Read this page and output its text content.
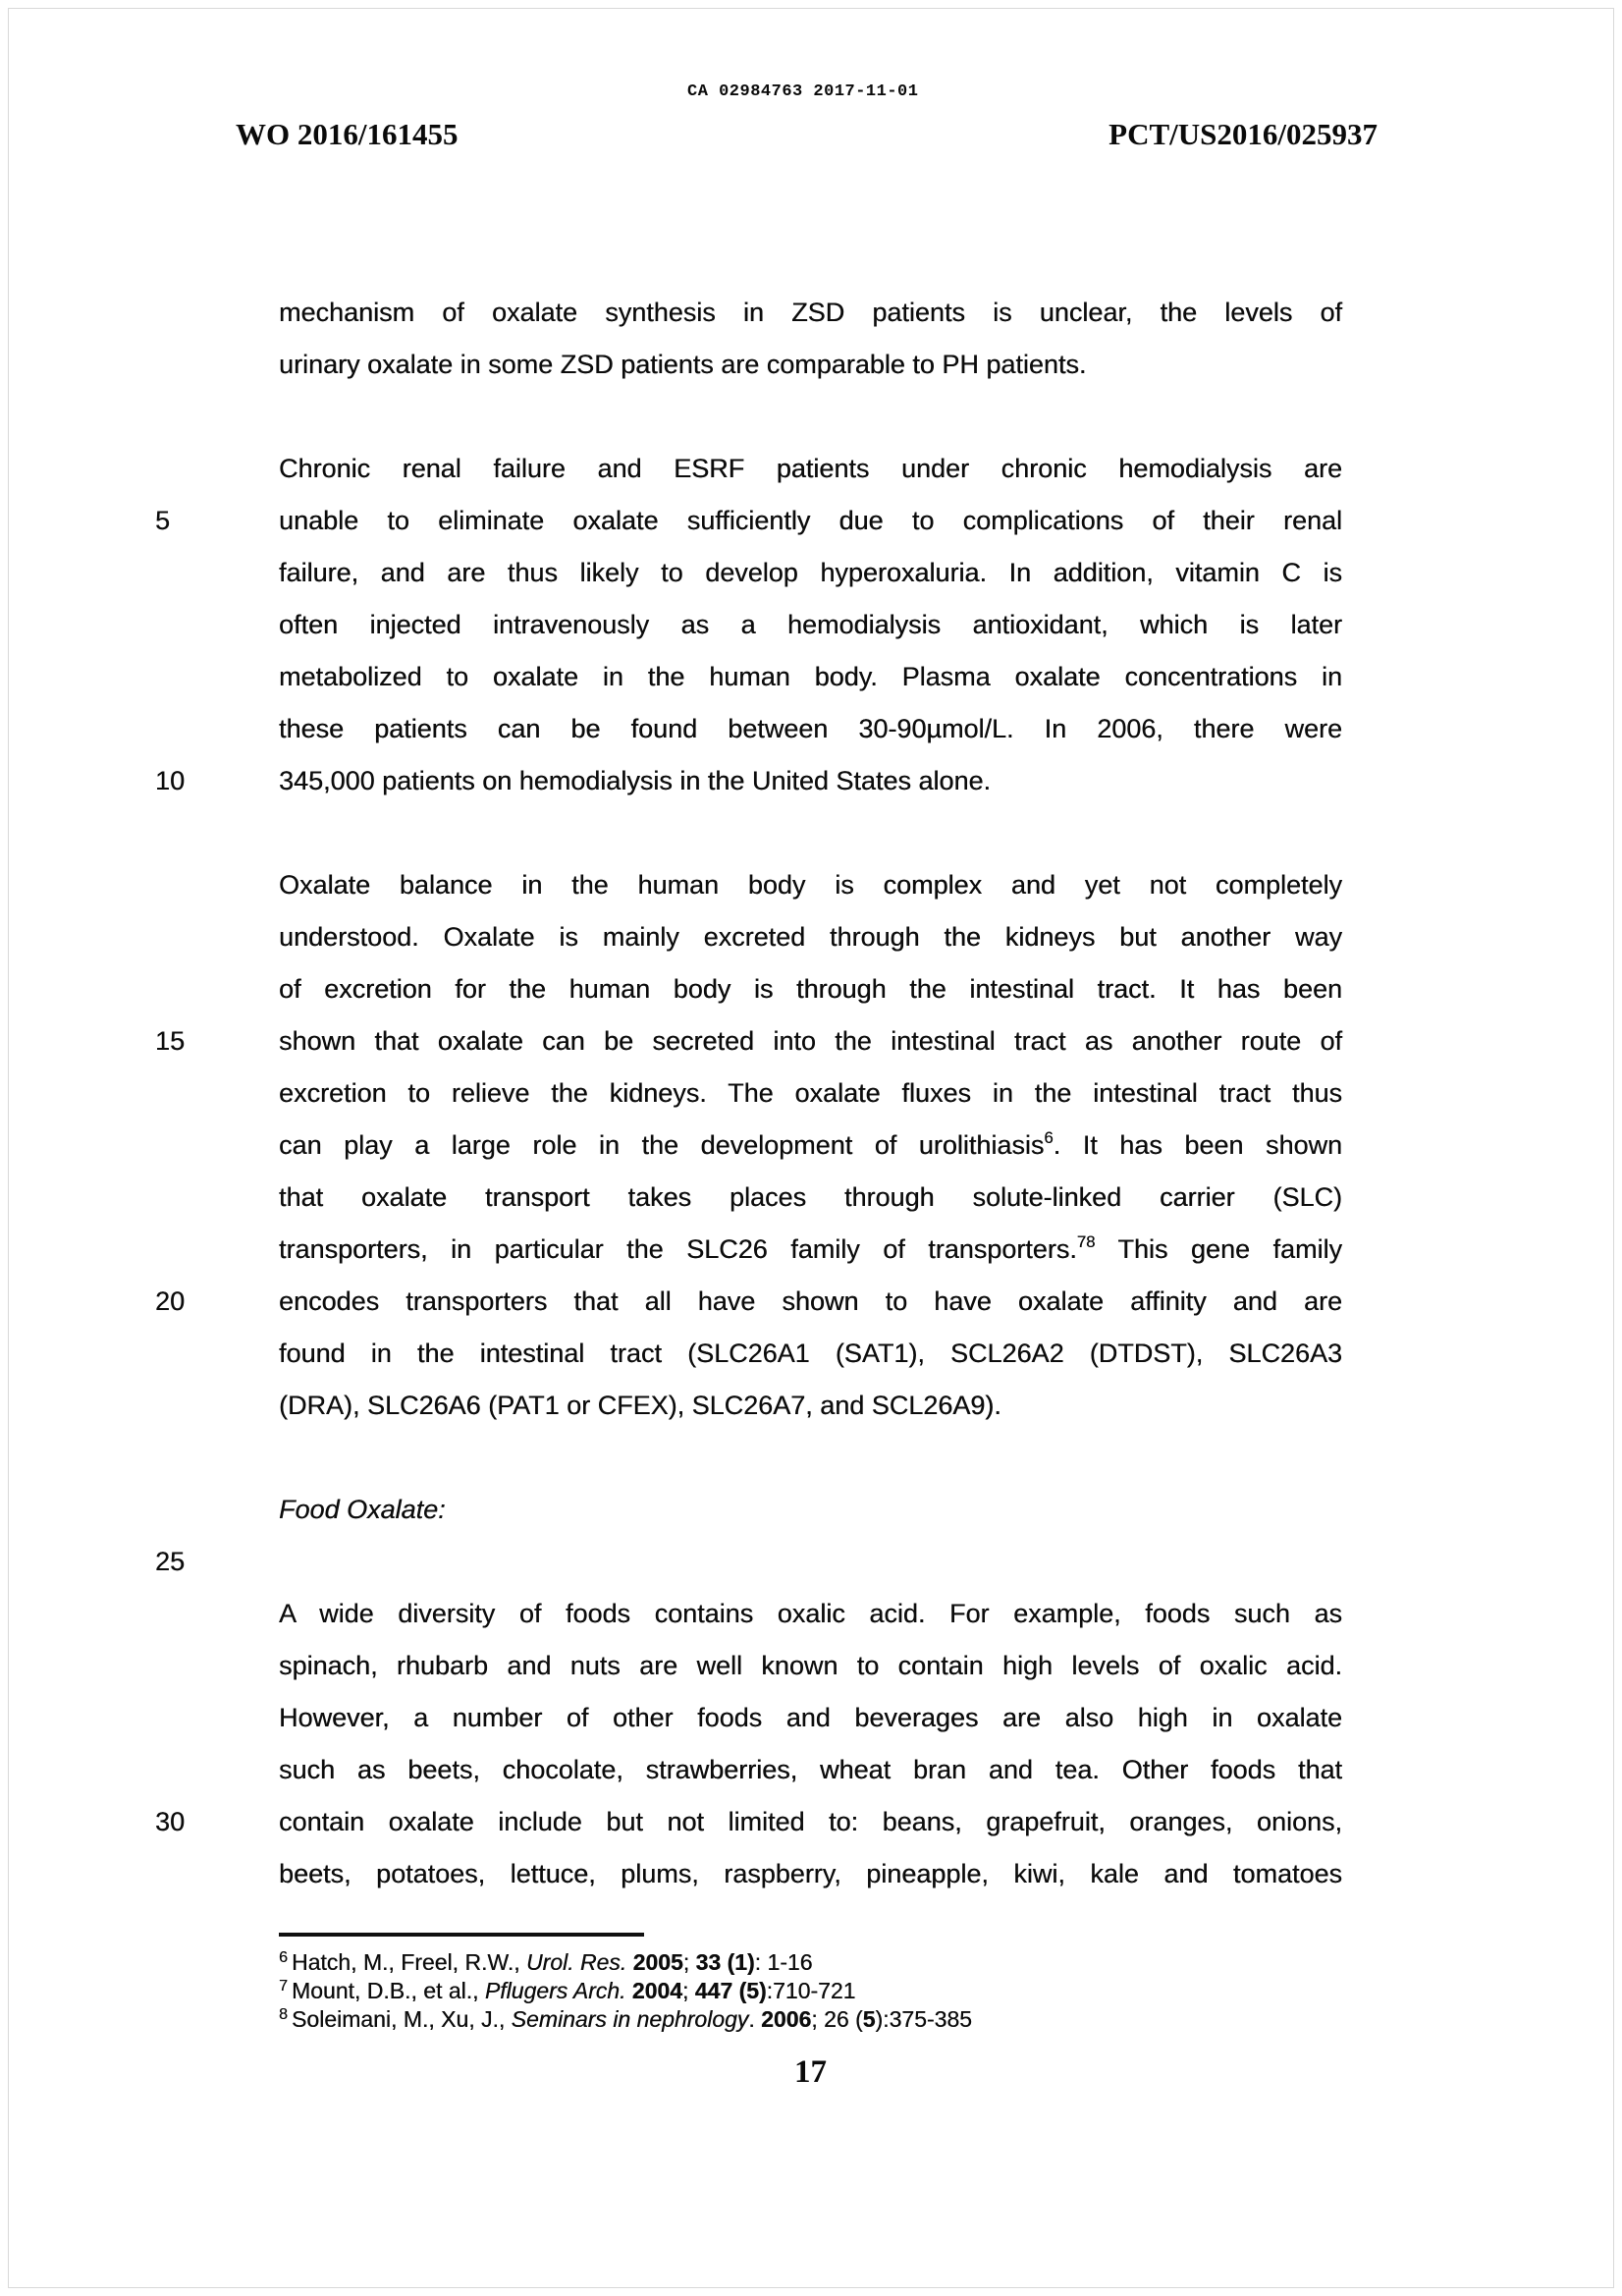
CA 02984763 2017-11-01
WO 2016/161455	PCT/US2016/025937
mechanism of oxalate synthesis in ZSD patients is unclear, the levels of
urinary oxalate in some ZSD patients are comparable to PH patients.
Chronic renal failure and ESRF patients under chronic hemodialysis are
unable to eliminate oxalate sufficiently due to complications of their renal
5
failure, and are thus likely to develop hyperoxaluria. In addition, vitamin C is
often injected intravenously as a hemodialysis antioxidant, which is later
metabolized to oxalate in the human body. Plasma oxalate concentrations in
these patients can be found between 30-90µmol/L. In 2006, there were
345,000 patients on hemodialysis in the United States alone.
10
Oxalate balance in the human body is complex and yet not completely
understood. Oxalate is mainly excreted through the kidneys but another way
of excretion for the human body is through the intestinal tract. It has been
shown that oxalate can be secreted into the intestinal tract as another route of
15
excretion to relieve the kidneys. The oxalate fluxes in the intestinal tract thus
can play a large role in the development of urolithiasis$^6$. It has been shown
that oxalate transport takes places through solute-linked carrier (SLC)
transporters, in particular the SLC26 family of transporters.$^{78}$ This gene family
encodes transporters that all have shown to have oxalate affinity and are
20
found in the intestinal tract (SLC26A1 (SAT1), SCL26A2 (DTDST), SLC26A3
(DRA), SLC26A6 (PAT1 or CFEX), SLC26A7, and SCL26A9).
Food Oxalate:
25
A wide diversity of foods contains oxalic acid. For example, foods such as
spinach, rhubarb and nuts are well known to contain high levels of oxalic acid.
However, a number of other foods and beverages are also high in oxalate
such as beets, chocolate, strawberries, wheat bran and tea. Other foods that
contain oxalate include but not limited to: beans, grapefruit, oranges, onions,
30
beets, potatoes, lettuce, plums, raspberry, pineapple, kiwi, kale and tomatoes
$^6$ Hatch, M., Freel, R.W., Urol. Res. 2005; 33 (1): 1-16
$^7$ Mount, D.B., et al., Pflugers Arch. 2004; 447 (5):710-721
$^8$ Soleimani, M., Xu, J., Seminars in nephrology. 2006; 26 (5):375-385
17
